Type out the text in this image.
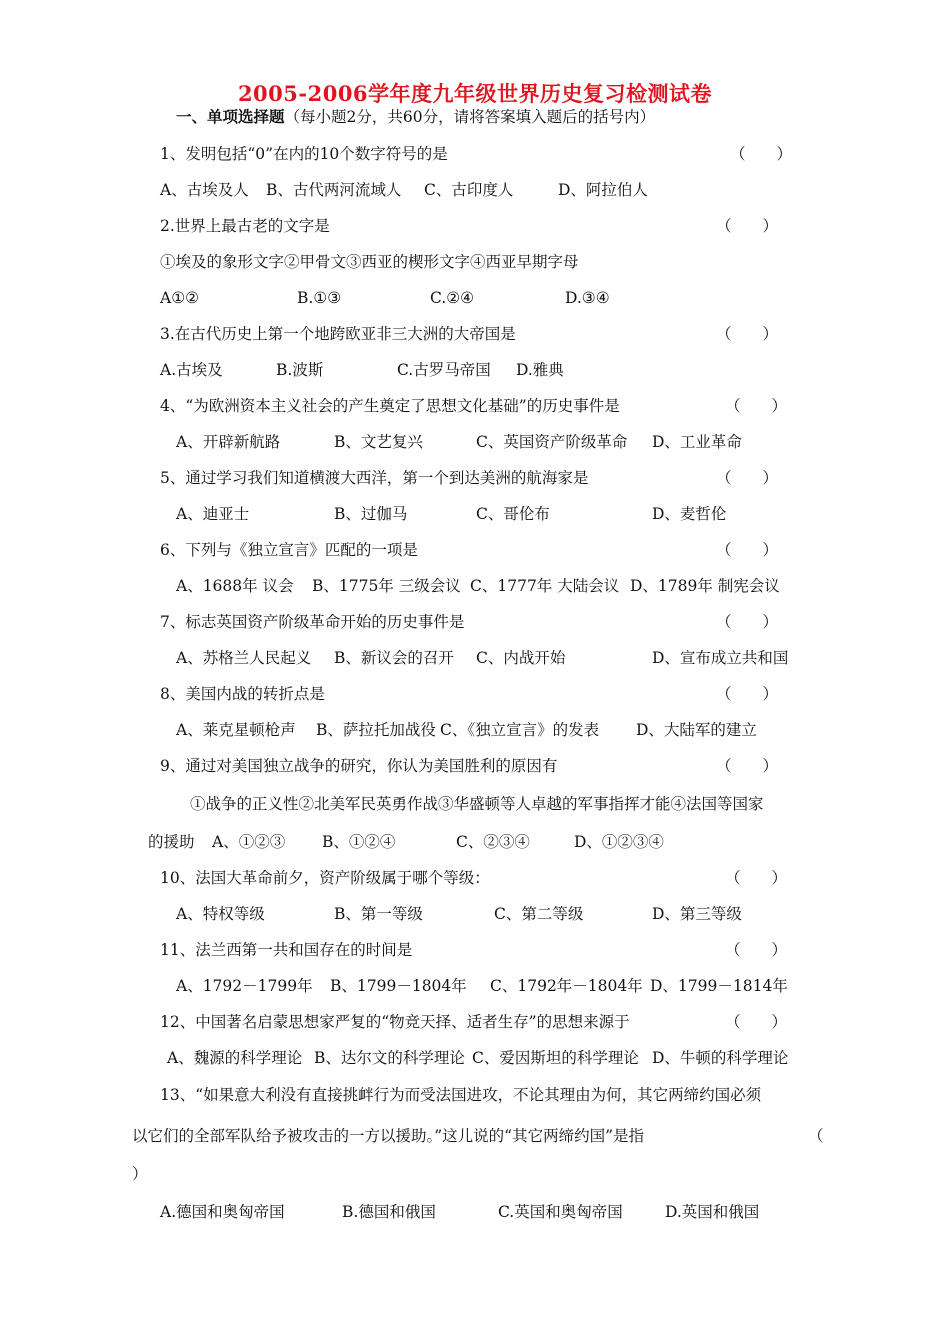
2005-2006学年度九年级世界历史复习检测试卷
一、单项选择题（每小题2分，共60分，请将答案填入题后的括号内）
1、发明包括“0”在内的10个数字符号的是	（　　）
A、古埃及人 B、古代两河流域人 C、古印度人	D、阿拉伯人
2.世界上最古老的文字是	（　　）
①埃及的象形文字②甲骨文③西亚的楔形文字④西亚早期字母
A①②	B.①③	C.②④	D.③④
3.在古代历史上第一个地跨欧亚非三大洲的大帝国是	（　　）
A.古埃及	B.波斯	C.古罗马帝国 D.雅典
4、“为欧洲资本主义社会的产生奠定了思想文化基础”的历史事件是	（　　）
A、开辟新航路	B、文艺复兴	C、英国资产阶级革命 D、工业革命
5、通过学习我们知道横渡大西洋，第一个到达美洲的航海家是	（　　）
A、迪亚士	B、过伽马	C、哥伦布	D、麦哲伦
6、下列与《独立宣言》匹配的一项是	（　　）
A、1688年 议会 B、1775年 三级会议 C、1777年 大陆会议 D、1789年 制宪会议
7、标志英国资产阶级革命开始的历史事件是	（　　）
A、苏格兰人民起义 B、新议会的召开 C、内战开始	D、宣布成立共和国
8、美国内战的转折点是	（　　）
A、莱克星顿枪声 B、萨拉托加战役 C、《独立宣言》的发表 D、大陆军的建立
9、通过对美国独立战争的研究，你认为美国胜利的原因有	（　　）
①战争的正义性②北美军民英勇作战③华盛顿等人卓越的军事指挥才能④法国等国家
的援助 A、①②③ B、①②④	C、②③④	D、①②③④
10、法国大革命前夕，资产阶级属于哪个等级：	（　　）
A、特权等级	B、第一等级	C、第二等级	D、第三等级
11、法兰西第一共和国存在的时间是	（　　）
A、1792－1799年 B、1799－1804年 C、1792年－1804年 D、1799－1814年
12、中国著名启蒙思想家严复的“物竞天择、适者生存”的思想来源于	（　　）
A、魏源的科学理论 B、达尔文的科学理论 C、爱因斯坦的科学理论 D、牛顿的科学理论
13、“如果意大利没有直接挑衅行为而受法国进攻，不论其理由为何，其它两缔约国必须
以它们的全部军队给予被攻击的一方以援助。”这儿说的“其它两缔约国”是指	（
）
A.德国和奥匈帝国	B.德国和俄国	C.英国和奥匈帝国	D.英国和俄国
